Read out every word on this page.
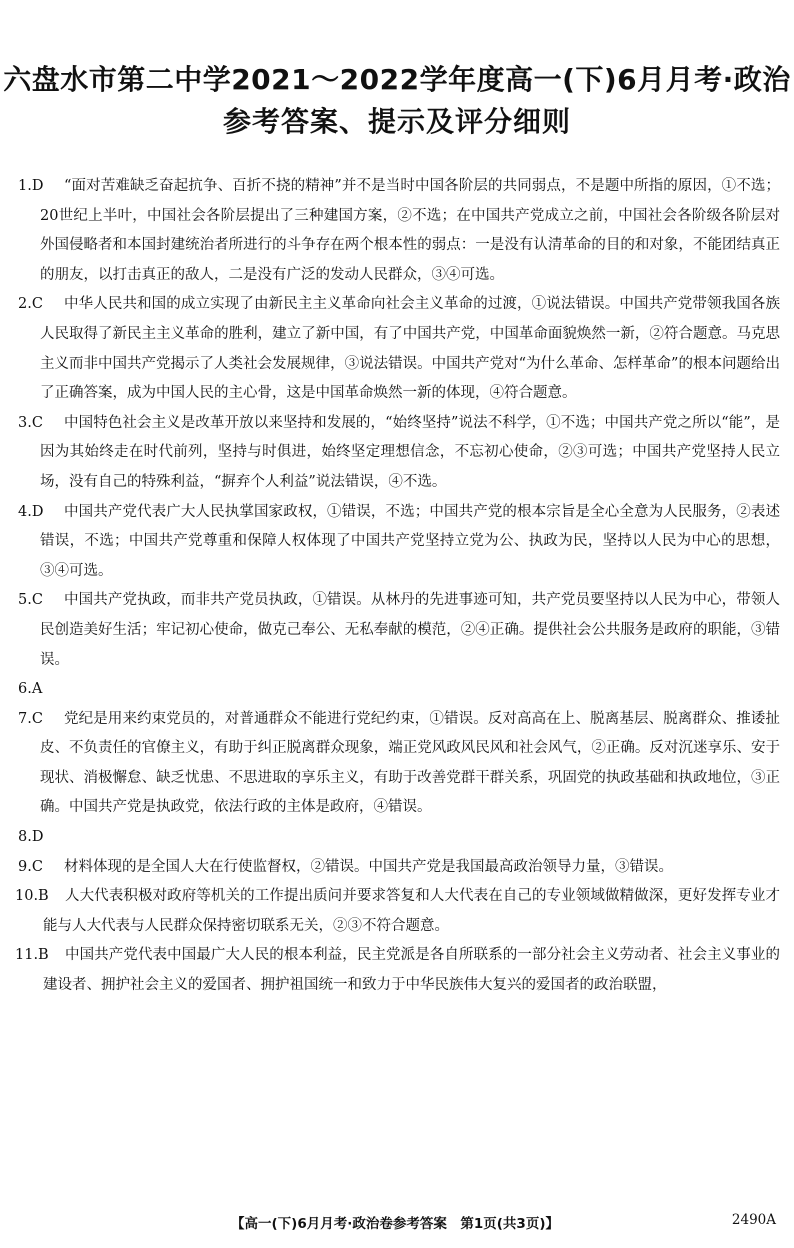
六盘水市第二中学2021～2022学年度高一(下)6月月考·政治
参考答案、提示及评分细则
1.D	“面对苦难缺乏奋起抗争、百折不挠的精神”并不是当时中国各阶层的共同弱点，不是题中所指的原因，①不选；20世纪上半叶，中国社会各阶层提出了三种建国方案，②不选；在中国共产党成立之前，中国社会各阶级各阶层对外国侵略者和本国封建统治者所进行的斗争存在两个根本性的弱点：一是没有认清革命的目的和对象，不能团结真正的朋友，以打击真正的敌人，二是没有广泛的发动人民群众，③④可选。
2.C	中华人民共和国的成立实现了由新民主主义革命向社会主义革命的过渡，①说法错误。中国共产党带领我国各族人民取得了新民主主义革命的胜利，建立了新中国，有了中国共产党，中国革命面貌焕然一新，②符合题意。马克思主义而非中国共产党揭示了人类社会发展规律，③说法错误。中国共产党对“为什么革命、怎样革命”的根本问题给出了正确答案，成为中国人民的主心骨，这是中国革命焕然一新的体现，④符合题意。
3.C	中国特色社会主义是改革开放以来坚持和发展的，“始终坚持”说法不科学，①不选；中国共产党之所以“能”，是因为其始终走在时代前列，坚持与时俱进，始终坚定理想信念，不忘初心使命，②③可选；中国共产党坚持人民立场，没有自己的特殊利益，“摒弃个人利益”说法错误，④不选。
4.D	中国共产党代表广大人民执掌国家政权，①错误，不选；中国共产党的根本宗旨是全心全意为人民服务，②表述错误，不选；中国共产党尊重和保障人权体现了中国共产党坚持立党为公、执政为民，坚持以人民为中心的思想，③④可选。
5.C	中国共产党执政，而非共产党员执政，①错误。从林丹的先进事迹可知，共产党员要坚持以人民为中心，带领人民创造美好生活；牢记初心使命，做克己奉公、无私奉献的模范，②④正确。提供社会公共服务是政府的职能，③错误。
6.A

7.C	党纪是用来约束党员的，对普通群众不能进行党纪约束，①错误。反对高高在上、脱离基层、脱离群众、推诿扯皮、不负责任的官僚主义，有助于纠正脱离群众现象，端正党风政风民风和社会风气，②正确。反对沉迷享乐、安于现状、消极懈怠、缺乏忧患、不思进取的享乐主义，有助于改善党群干群关系，巩固党的执政基础和执政地位，③正确。中国共产党是执政党，依法行政的主体是政府，④错误。
8.D

9.C	材料体现的是全国人大在行使监督权，②错误。中国共产党是我国最高政治领导力量，③错误。
10.B	人大代表积极对政府等机关的工作提出质问并要求答复和人大代表在自己的专业领域做精做深，更好发挥专业才能与人大代表与人民群众保持密切联系无关，②③不符合题意。
11.B	中国共产党代表中国最广大人民的根本利益，民主党派是各自所联系的一部分社会主义劳动者、社会主义事业的建设者、拥护社会主义的爱国者、拥护祖国统一和致力于中华民族伟大复兴的爱国者的政治联盟，
【高一(下)6月月考·政治卷参考答案　第1页(共3页)】	2490A
